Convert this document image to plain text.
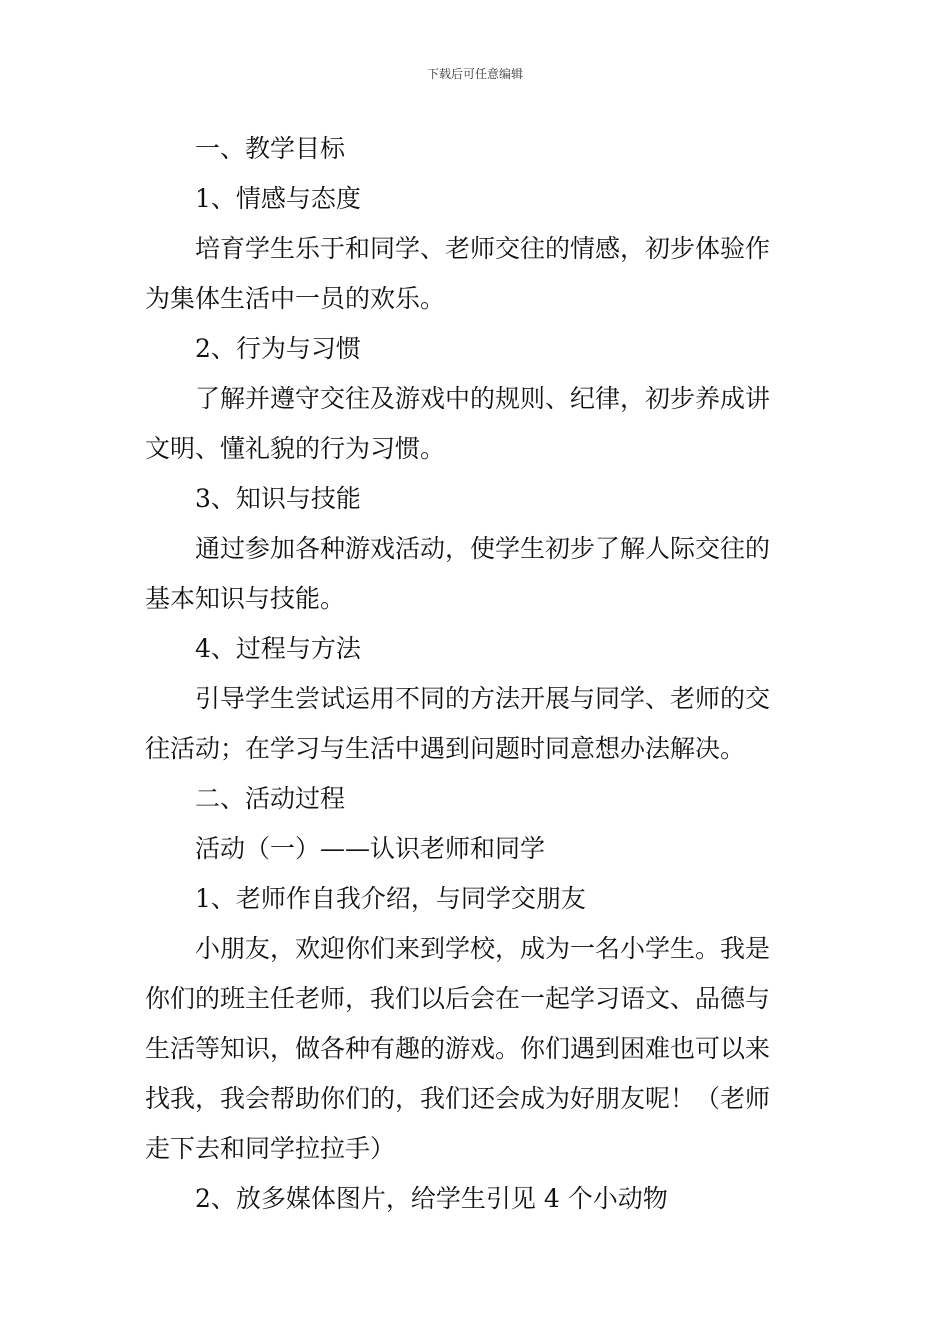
下载后可任意编辑
一、教学目标
1、情感与态度
培育学生乐于和同学、老师交往的情感，初步体验作
为集体生活中一员的欢乐。
2、行为与习惯
了解并遵守交往及游戏中的规则、纪律，初步养成讲
文明、懂礼貌的行为习惯。
3、知识与技能
通过参加各种游戏活动，使学生初步了解人际交往的
基本知识与技能。
4、过程与方法
引导学生尝试运用不同的方法开展与同学、老师的交
往活动；在学习与生活中遇到问题时同意想办法解决。
二、活动过程
活动（一）——认识老师和同学
1、老师作自我介绍，与同学交朋友
小朋友，欢迎你们来到学校，成为一名小学生。我是
你们的班主任老师，我们以后会在一起学习语文、品德与
生活等知识，做各种有趣的游戏。你们遇到困难也可以来
找我，我会帮助你们的，我们还会成为好朋友呢！（老师
走下去和同学拉拉手）
2、放多媒体图片，给学生引见 4 个小动物
